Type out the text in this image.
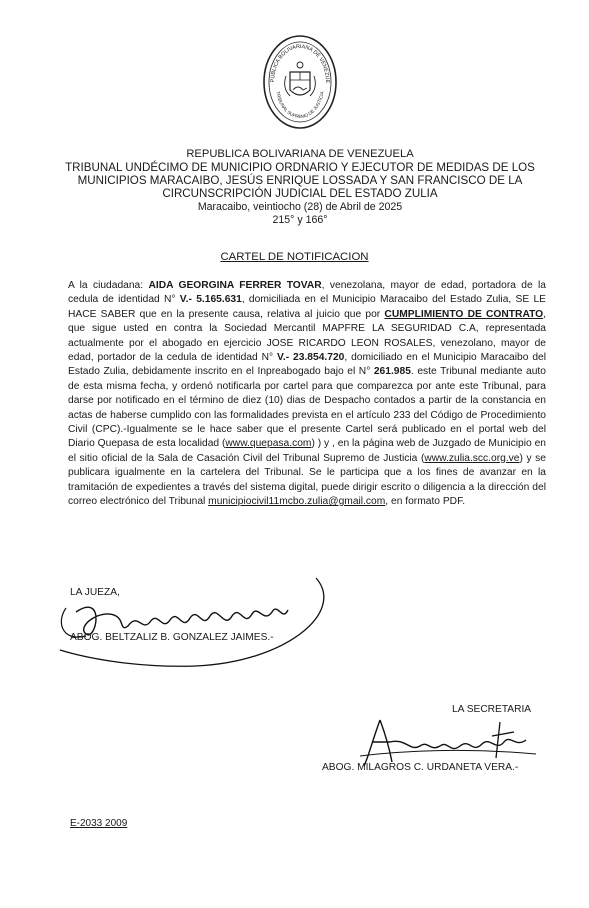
PÚBLICA BOLIVARIANA DE VENEZUE
TRIBUNAL SUPREMO DE JUSTICIA
REPUBLICA BOLIVARIANA DE VENEZUELA
TRIBUNAL UNDÉCIMO DE MUNICIPIO ORDNARIO Y EJECUTOR DE MEDIDAS DE LOS
MUNICIPIOS MARACAIBO, JESÚS ENRIQUE LOSSADA Y SAN FRANCISCO DE LA
CIRCUNSCRIPCIÓN JUDICIAL DEL ESTADO ZULIA
Maracaibo, veintiocho (28) de Abril de 2025
215° y 166°
CARTEL DE NOTIFICACION

A la ciudadana: AIDA GEORGINA FERRER TOVAR, venezolana, mayor de edad, portadora de la cedula de identidad N° V.- 5.165.631, domiciliada en el Municipio Maracaibo del Estado Zulia, SE LE HACE SABER que en la presente causa, relativa al juicio que por CUMPLIMIENTO DE CONTRATO, que sigue usted en contra la Sociedad Mercantil MAPFRE LA SEGURIDAD C.A, representada actualmente por el abogado en ejercicio JOSE RICARDO LEON ROSALES, venezolano, mayor de edad, portador de la cedula de identidad N° V.- 23.854.720, domiciliado en el Municipio Maracaibo del Estado Zulia, debidamente inscrito en el Inpreabogado bajo el N° 261.985. este Tribunal mediante auto de esta misma fecha, y ordenó notificarla por cartel para que comparezca por ante este Tribunal, para darse por notificado en el término de diez (10) dias de Despacho contados a partir de la constancia en actas de haberse cumplido con las formalidades prevista en el artículo 233 del Código de Procedimiento Civil (CPC).-Igualmente se le hace saber que el presente Cartel será publicado en el portal web del Diario Quepasa de esta localidad (www.quepasa.com) ) y , en la página web de Juzgado de Municipio en el sitio oficial de la Sala de Casación Civil del Tribunal Supremo de Justicia (www.zulia.scc.org.ve) y se publicara igualmente en la cartelera del Tribunal. Se le participa que a los fines de avanzar en la tramitación de expedientes a través del sistema digital, puede dirigir escrito o diligencia a la dirección del correo electrónico del Tribunal municipiocivil11mcbo.zulia@gmail.com, en formato PDF.

LA JUEZA,
ABOG. BELTZALIZ B. GONZALEZ JAIMES.-
LA SECRETARIA
ABOG. MILAGROS C. URDANETA VERA.-
E-2033 2009
